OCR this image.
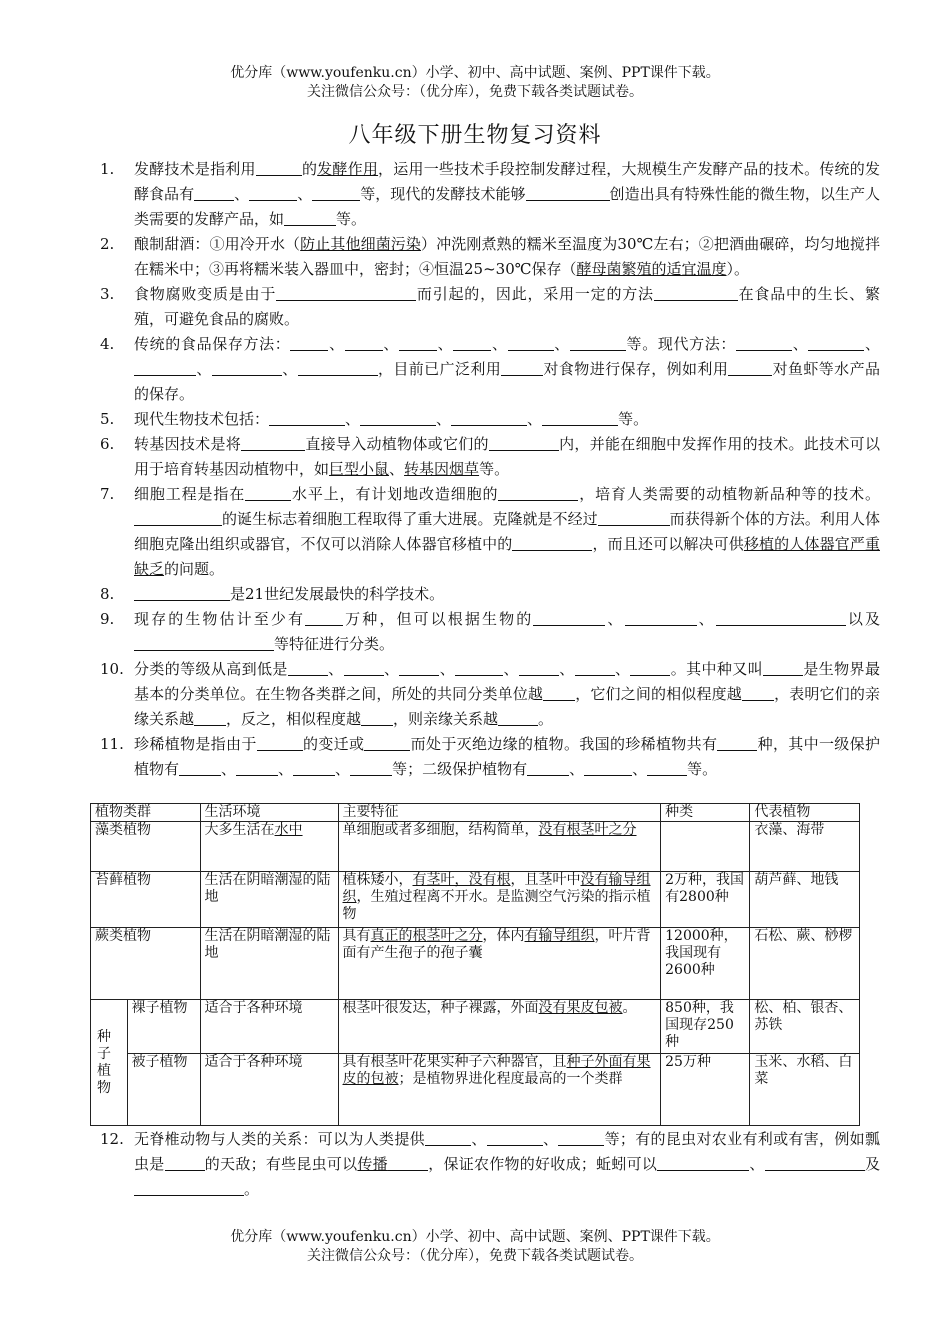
优分库（www.youfenku.cn）小学、初中、高中试题、案例、PPT课件下载。
关注微信公众号：（优分库），免费下载各类试题试卷。
八年级下册生物复习资料
1. 发酵技术是指利用	的发酵作用，运用一些技术手段控制发酵过程，大规模生产发酵产品的技术。传统的发酵食品有	、	、	等，现代的发酵技术能够	创造出具有特殊性能的微生物，以生产人类需要的发酵产品，如	等。
2. 酿制甜酒：①用冷开水（防止其他细菌污染）冲洗刚煮熟的糯米至温度为30℃左右；②把酒曲碾碎，均匀地搅拌在糯米中；③再将糯米装入器皿中，密封；④恒温25~30℃保存（酵母菌繁殖的适宜温度）。
3. 食物腐败变质是由于	而引起的，因此，采用一定的方法	在食品中的生长、繁殖，可避免食品的腐败。
4. 传统的食品保存方法：	、	、	、	、	、	等。现代方法：	、	、、	、	，目前已广泛利用	对食物进行保存，例如利用	对鱼虾等水产品的保存。
5. 现代生物技术包括：	、	、	、	等。
6. 转基因技术是将	直接导入动植物体或它们的	内，并能在细胞中发挥作用的技术。此技术可以用于培育转基因动植物中，如巨型小鼠、转基因烟草等。
7. 细胞工程是指在	水平上，有计划地改造细胞的	，培育人类需要的动植物新品种等的技术。的诞生标志着细胞工程取得了重大进展。克隆就是不经过	而获得新个体的方法。利用人体细胞克隆出组织或器官，不仅可以消除人体器官移植中的	，而且还可以解决可供移植的人体器官严重缺乏的问题。
8.	是21世纪发展最快的科学技术。
9. 现存的生物估计至少有	万种，但可以根据生物的	、	、	以及等特征进行分类。
10. 分类的等级从高到低是	、	、	、	、	、	、	。其中种又叫	是生物界最基本的分类单位。在生物各类群之间，所处的共同分类单位越 ，它们之间的相似程度越 ，表明它们的亲缘关系越 ，反之，相似程度越 ，则亲缘关系越	。
11. 珍稀植物是指由于	的变迁或	而处于灭绝边缘的植物。我国的珍稀植物共有	种，其中一级保护植物有	、	、	、	等；二级保护植物有	、	、	等。
植物类群		生活环境	主要特征	种类	代表植物
藻类植物		大多生活在水中	单细胞或者多细胞，结构简单，没有根茎叶之分		衣藻、海带
苔藓植物		生活在阴暗潮湿的陆地	植株矮小，有茎叶，没有根，且茎叶中没有输导组织，生殖过程离不开水。是监测空气污染的指示植物	2万种，我国有2800种	葫芦藓、地钱
蕨类植物		生活在阴暗潮湿的陆地	具有真正的根茎叶之分，体内有输导组织，叶片背面有产生孢子的孢子囊	12000种，我国现有2600种	石松、蕨、桫椤
种子植物	裸子植物	适合于各种环境	根茎叶很发达，种子裸露，外面没有果皮包被。	850种，我国现存250种	松、柏、银杏、苏铁
	被子植物	适合于各种环境	具有根茎叶花果实种子六种器官，且种子外面有果皮的包被；是植物界进化程度最高的一个类群	25万种	玉米、水稻、白菜
12. 无脊椎动物与人类的关系：可以为人类提供	、	、	等；有的昆虫对农业有利或有害，例如瓢虫是	的天敌；有些昆虫可以传播	，保证农作物的好收成；蚯蚓可以	、	及。
优分库（www.youfenku.cn）小学、初中、高中试题、案例、PPT课件下载。
关注微信公众号：（优分库），免费下载各类试题试卷。
